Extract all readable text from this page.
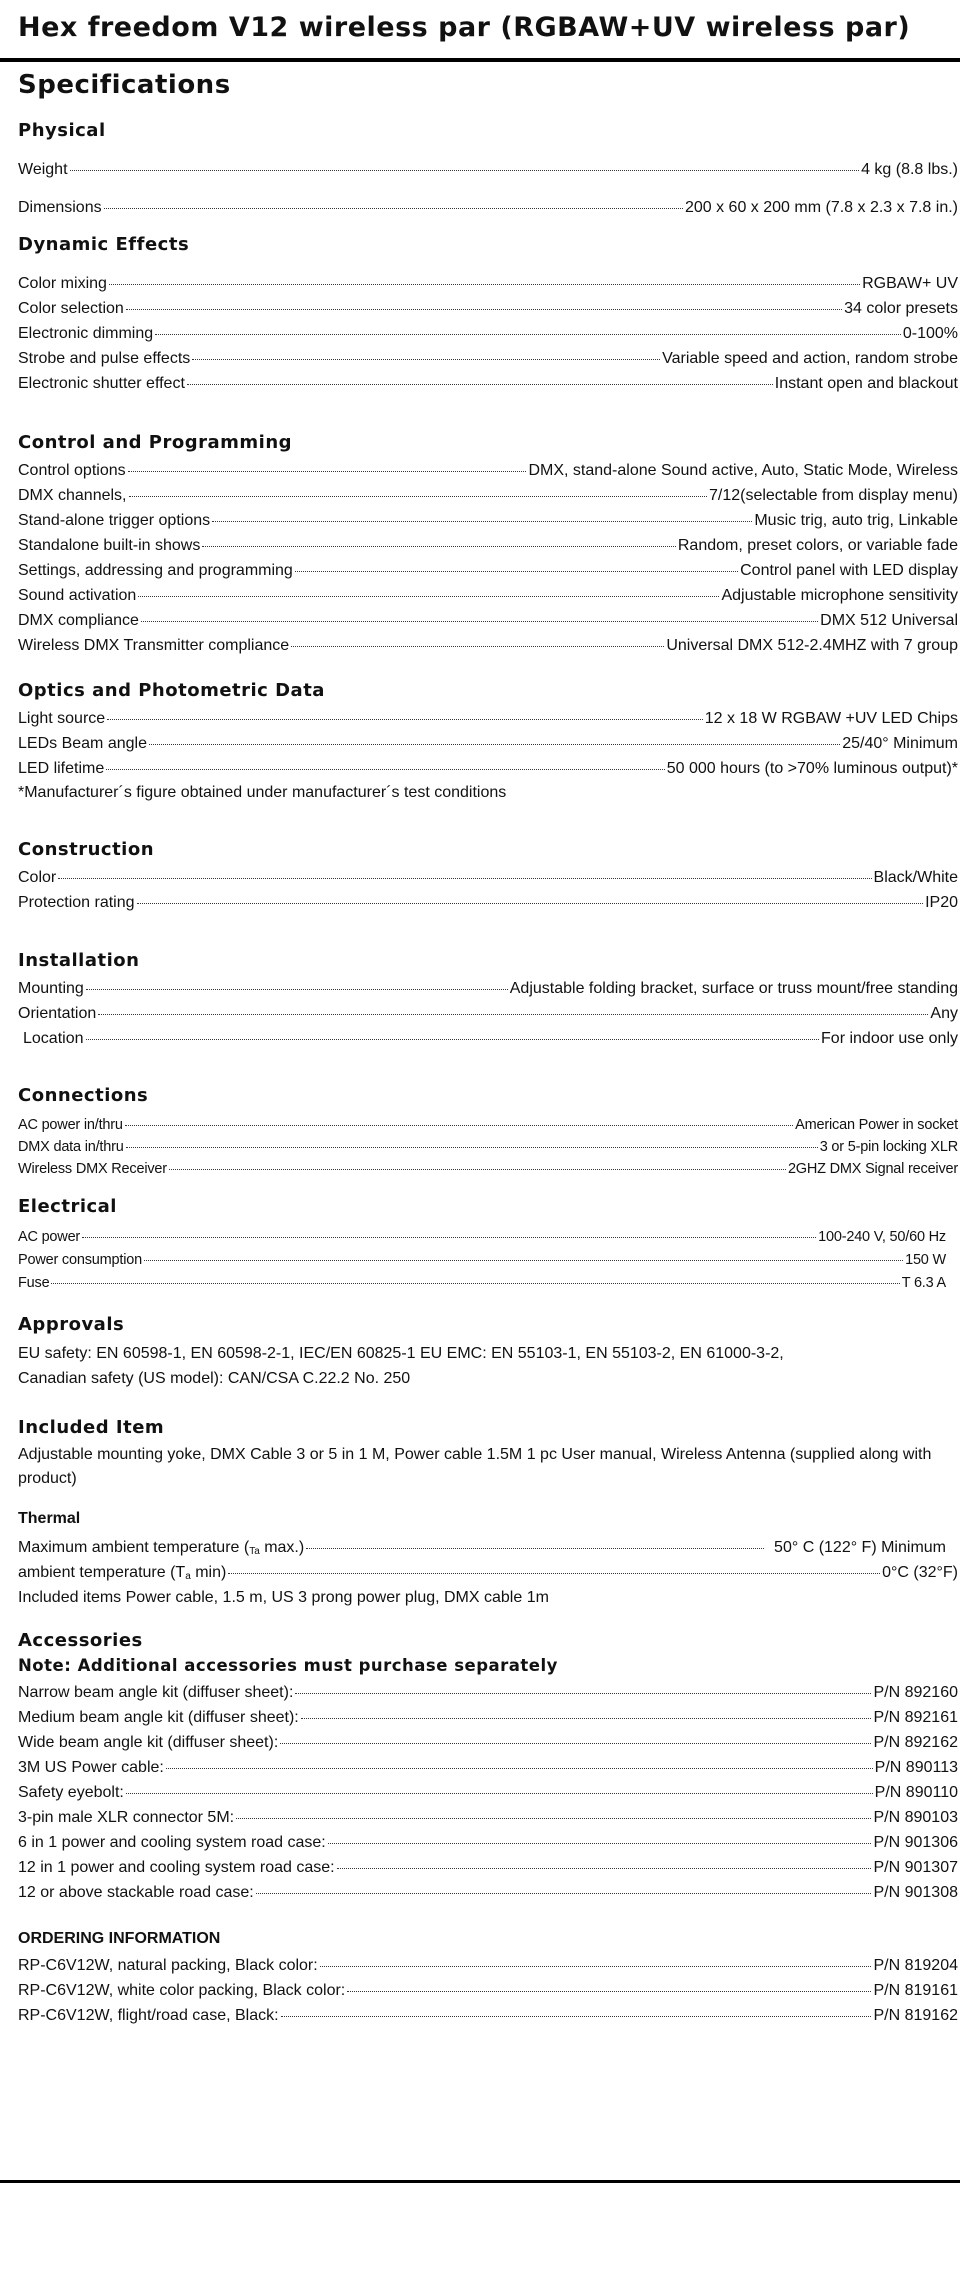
Hex freedom V12 wireless par (RGBAW+UV wireless par)
Specifications
Physical
Weight	4 kg (8.8 lbs.)
Dimensions	200 x 60 x 200 mm (7.8 x 2.3 x 7.8 in.)
Dynamic Effects
Color mixing	RGBAW+ UV
Color selection	34 color presets
Electronic dimming	0-100%
Strobe and pulse effects	Variable speed and action, random strobe
Electronic shutter effect	Instant open and blackout
Control and Programming
Control options	DMX, stand-alone Sound active, Auto, Static Mode, Wireless
DMX channels,	7/12(selectable from display menu)
Stand-alone trigger options	Music trig, auto trig, Linkable
Standalone built-in shows	Random, preset colors, or variable fade
Settings, addressing and programming	Control panel with LED display
Sound activation	Adjustable microphone sensitivity
DMX compliance	DMX 512 Universal
Wireless DMX Transmitter compliance	Universal DMX 512-2.4MHZ with 7 group
Optics and Photometric Data
Light source	12 x 18 W RGBAW +UV LED Chips
LEDs Beam angle	25/40° Minimum
LED lifetime	50 000 hours (to >70% luminous output)*

*Manufacturer´s figure obtained under manufacturer´s test conditions

Construction
Color	Black/White
Protection rating	IP20
Installation
Mounting	Adjustable folding bracket, surface or truss mount/free standing
Orientation	Any
Location	For indoor use only
Connections
AC power in/thru	American Power in socket
DMX data in/thru	3 or 5-pin locking XLR
Wireless DMX Receiver	2GHZ DMX Signal receiver
Electrical
AC power	100-240 V, 50/60 Hz
Power consumption	150 W
Fuse	T 6.3 A
Approvals

EU safety: EN 60598-1, EN 60598-2-1, IEC/EN 60825-1 EU EMC: EN 55103-1, EN 55103-2, EN 61000-3-2,

Canadian safety (US model): CAN/CSA C.22.2 No. 250

Included Item

Adjustable mounting yoke, DMX Cable 3 or 5 in 1 M, Power cable 1.5M 1 pc User manual, Wireless Antenna (supplied along with product)

Thermal
Maximum ambient temperature ($_{Ta}$ max.)	50° C (122° F) Minimum
ambient temperature ($T_a$ min)	0°C (32°F)

Included items Power cable, 1.5 m, US 3 prong power plug, DMX cable 1m

Accessories

Note: Additional accessories must purchase separately

Narrow beam angle kit (diffuser sheet):	P/N 892160
Medium beam angle kit (diffuser sheet):	P/N 892161
Wide beam angle kit (diffuser sheet):	P/N 892162
3M US Power cable:	P/N 890113
Safety eyebolt:	P/N 890110
3-pin male XLR connector 5M:	P/N 890103
6 in 1 power and cooling system road case:	P/N 901306
12 in 1 power and cooling system road case:	P/N 901307
12 or above stackable road case:	P/N 901308
ORDERING INFORMATION
RP-C6V12W, natural packing, Black color:	P/N 819204
RP-C6V12W, white color packing, Black color:	P/N 819161
RP-C6V12W, flight/road case, Black:	P/N 819162
